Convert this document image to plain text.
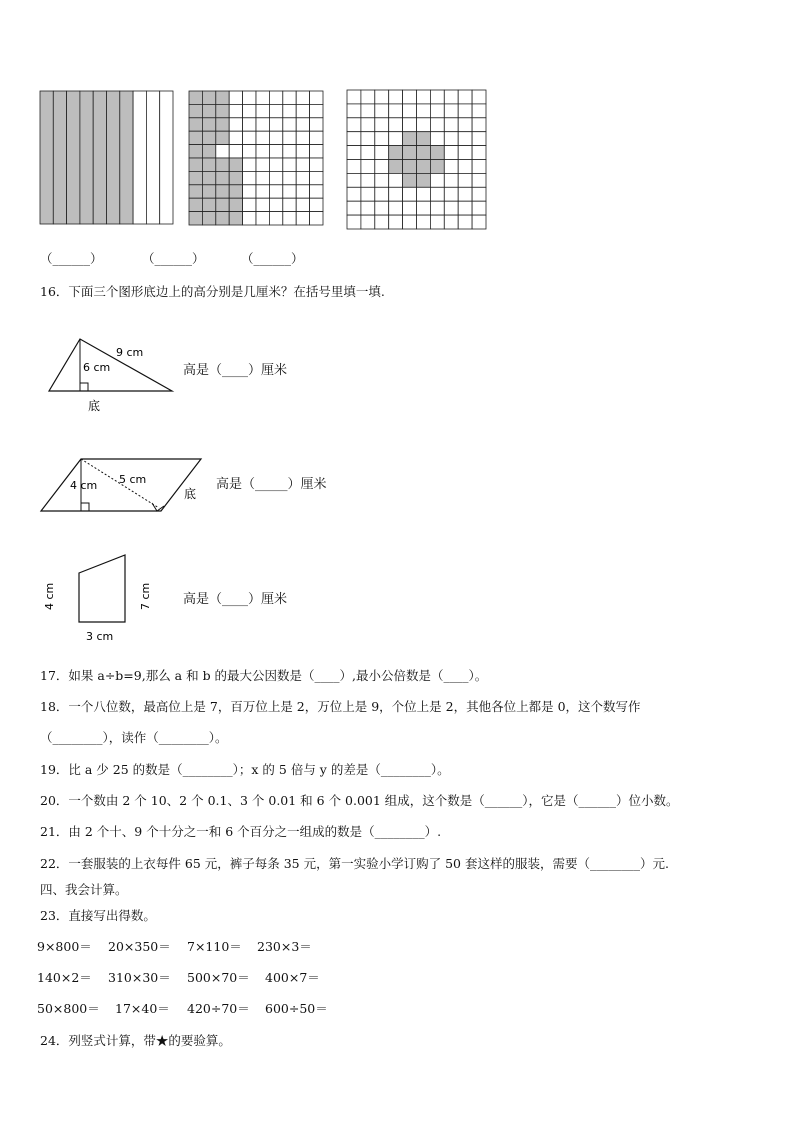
（______）	（______）	（______）
16．下面三个图形底边上的高分别是几厘米？在括号里填一填.
9 cm
6 cm
底
高是（____）厘米
4 cm 5 cm
底
高是（_____）厘米
4 cm	7 cm
3 cm
高是（____）厘米
17．如果 a÷b=9,那么 a 和 b 的最大公因数是（____）,最小公倍数是（____）。
18．一个八位数，最高位上是 7，百万位上是 2，万位上是 9，个位上是 2，其他各位上都是 0，这个数写作
（________），读作（________）。
19．比 a 少 25 的数是（________）；x 的 5 倍与 y 的差是（________）。
20．一个数由 2 个 10、2 个 0.1、3 个 0.01 和 6 个 0.001 组成，这个数是（______），它是（______）位小数。
21．由 2 个十、9 个十分之一和 6 个百分之一组成的数是（________）.
22．一套服装的上衣每件 65 元，裤子每条 35 元，第一实验小学订购了 50 套这样的服装，需要（________）元.
四、我会计算。
23．直接写出得数。
9×800＝ 20×350＝ 7×110＝ 230×3＝
140×2＝ 310×30＝ 500×70＝ 400×7＝
50×800＝ 17×40＝ 420÷70＝ 600÷50＝
24．列竖式计算，带★的要验算。
